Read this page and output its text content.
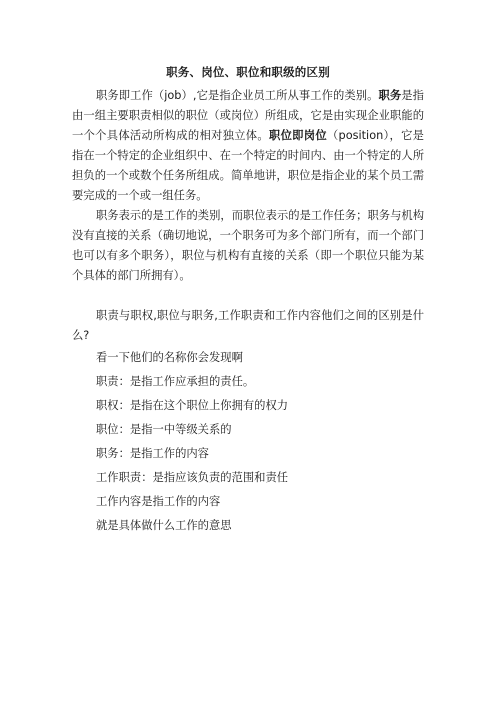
职务、岗位、职位和职级的区别

职务即工作（job）,它是指企业员工所从事工作的类别。职务是指由一组主要职责相似的职位（或岗位）所组成，它是由实现企业职能的一个个具体活动所构成的相对独立体。职位即岗位（position），它是指在一个特定的企业组织中、在一个特定的时间内、由一个特定的人所担负的一个或数个任务所组成。简单地讲，职位是指企业的某个员工需要完成的一个或一组任务。

职务表示的是工作的类别，而职位表示的是工作任务；职务与机构没有直接的关系（确切地说，一个职务可为多个部门所有，而一个部门也可以有多个职务），职位与机构有直接的关系（即一个职位只能为某个具体的部门所拥有）。

职责与职权,职位与职务,工作职责和工作内容他们之间的区别是什么?

看一下他们的名称你会发现啊

职责：是指工作应承担的责任。

职权：是指在这个职位上你拥有的权力

职位：是指一中等级关系的

职务：是指工作的内容

工作职责：是指应该负责的范围和责任

工作内容是指工作的内容

就是具体做什么工作的意思
